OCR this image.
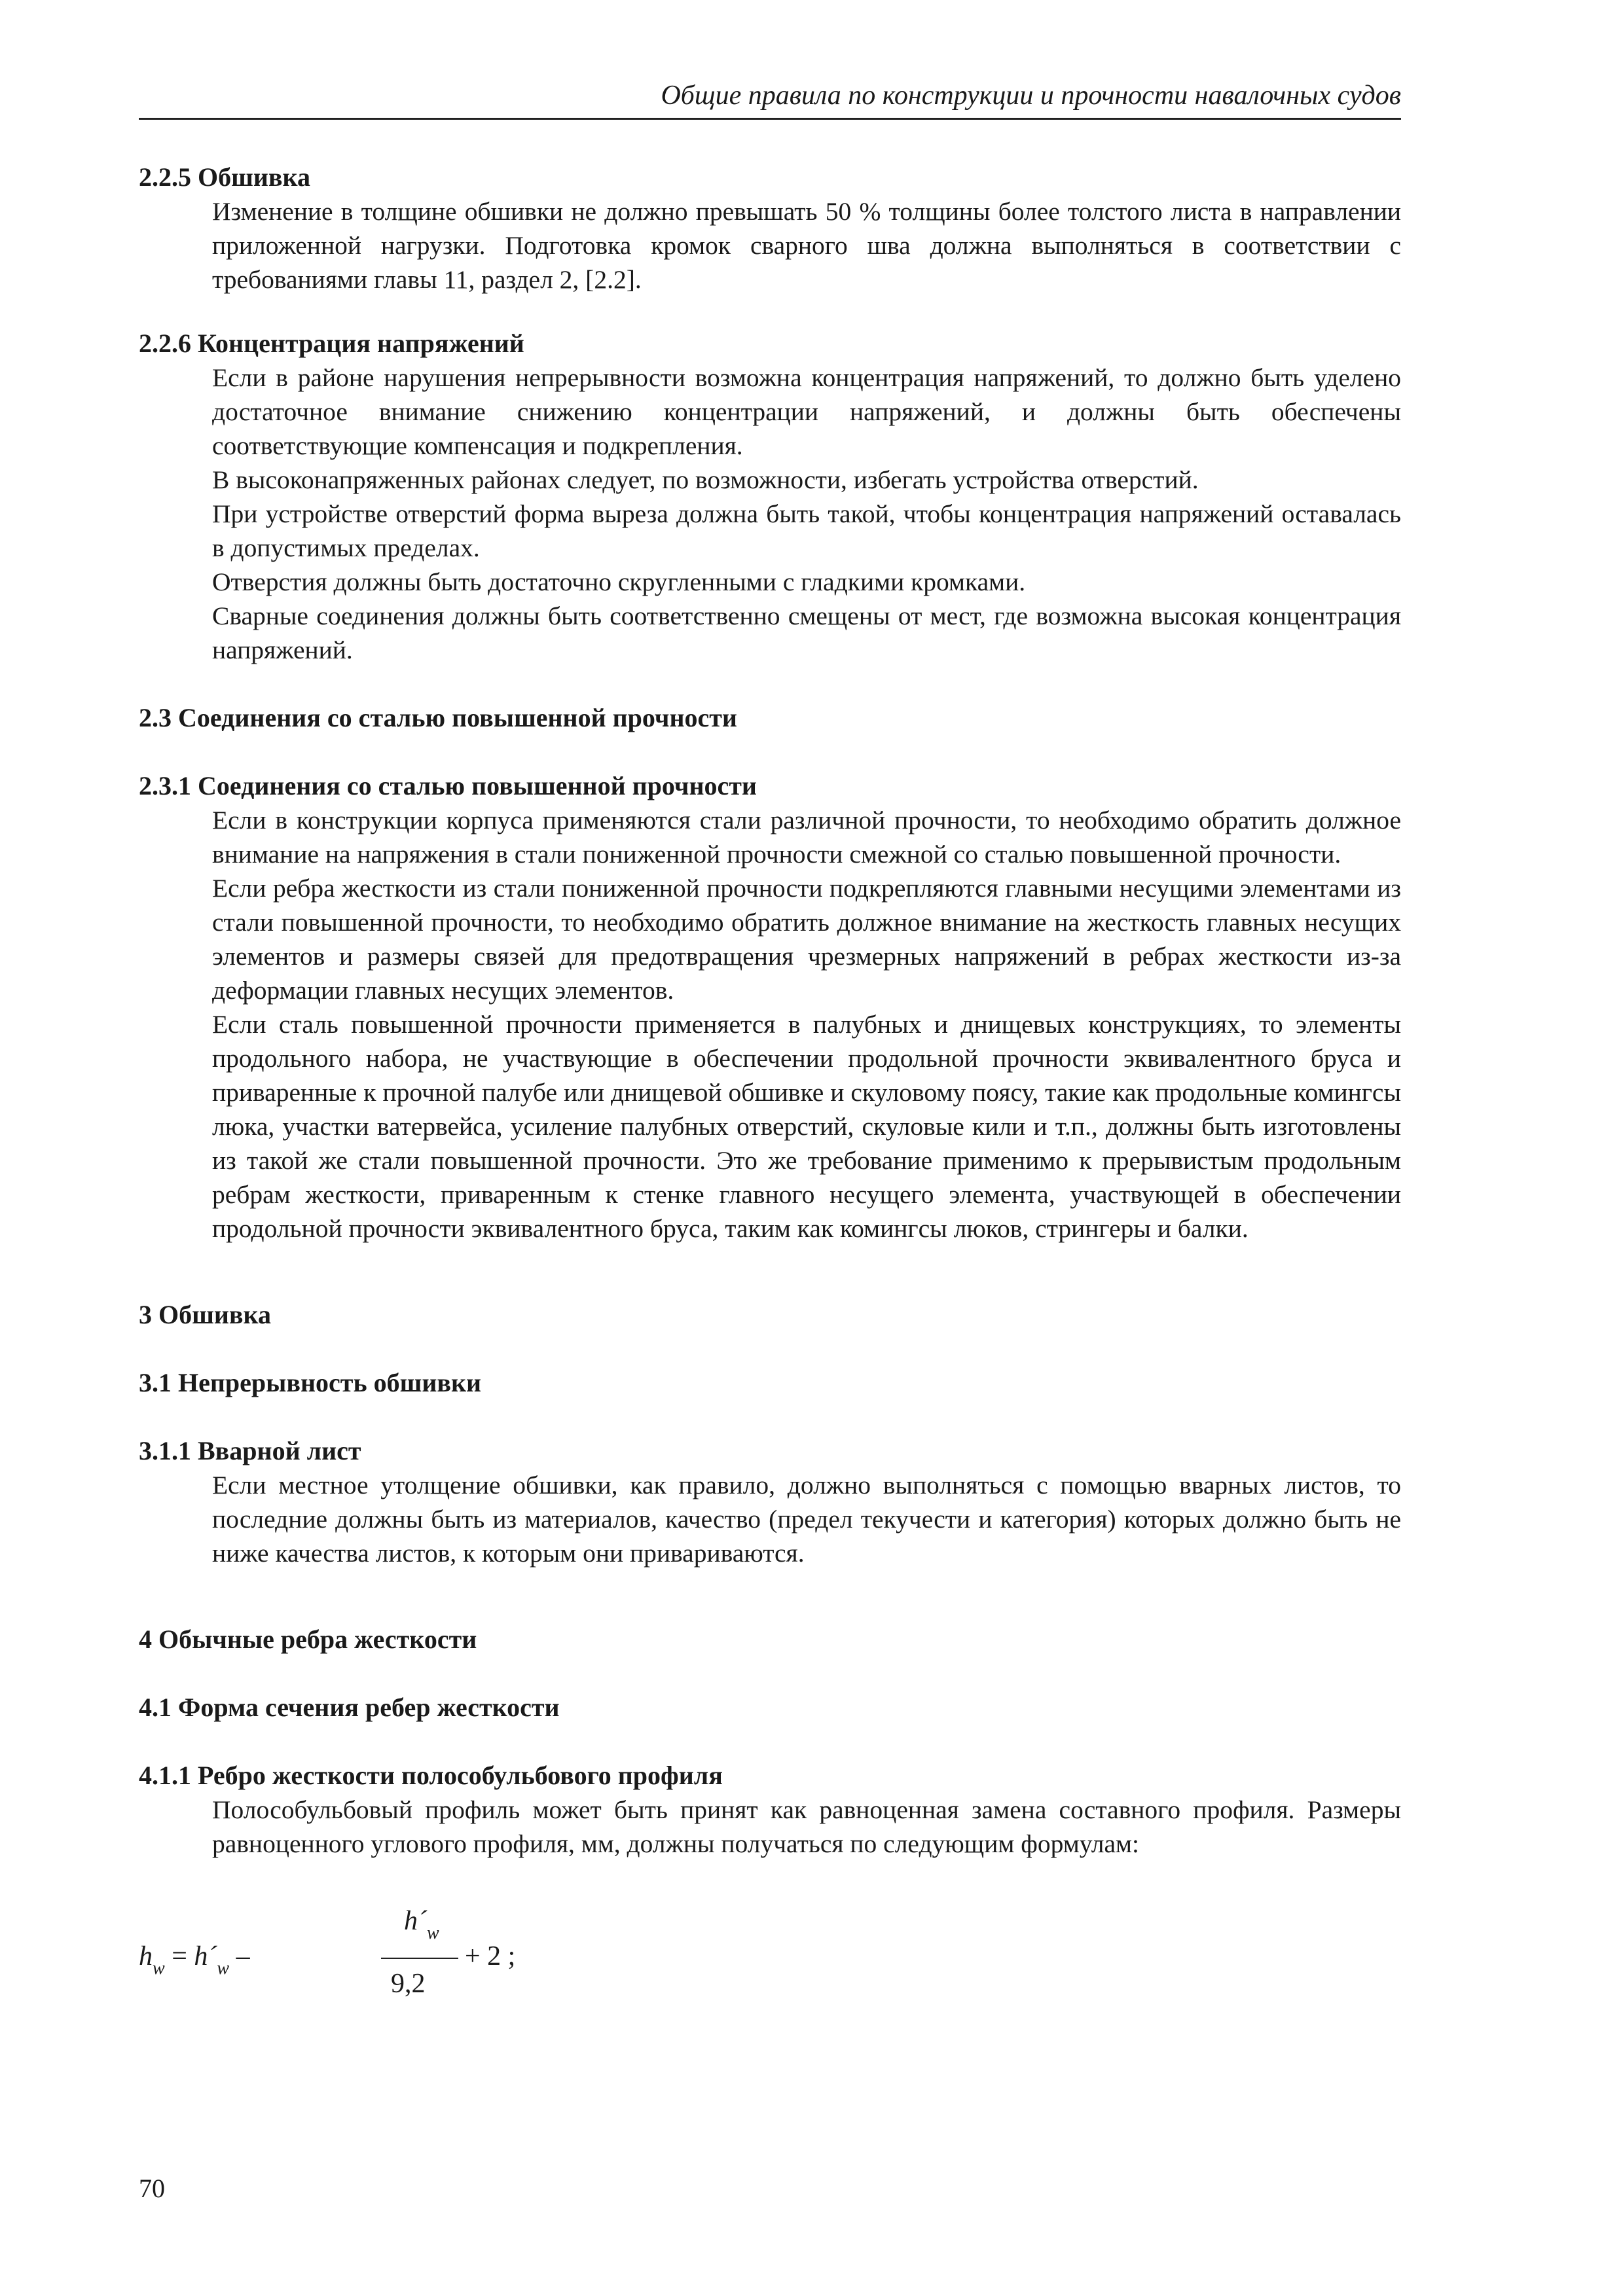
Общие правила по конструкции и прочности навалочных судов
2.2.5 Обшивка

Изменение в толщине обшивки не должно превышать 50 % толщины более толстого листа в направлении приложенной нагрузки. Подготовка кромок сварного шва должна выполняться в соответствии с требованиями главы 11, раздел 2, [2.2].

2.2.6 Концентрация напряжений

Если в районе нарушения непрерывности возможна концентрация напряжений, то должно быть уделено достаточное внимание снижению концентрации напряжений, и должны быть обеспечены соответствующие компенсация и подкрепления.

В высоконапряженных районах следует, по возможности, избегать устройства отверстий.

При устройстве отверстий форма выреза должна быть такой, чтобы концентрация напряжений оставалась в допустимых пределах.

Отверстия должны быть достаточно скругленными с гладкими кромками.

Сварные соединения должны быть соответственно смещены от мест, где возможна высокая концентрация напряжений.

2.3 Соединения со сталью повышенной прочности
2.3.1 Соединения со сталью повышенной прочности

Если в конструкции корпуса применяются стали различной прочности, то необходимо обратить должное внимание на напряжения в стали пониженной прочности смежной со сталью повышенной прочности.

Если ребра жесткости из стали пониженной прочности подкрепляются главными несущими элементами из стали повышенной прочности, то необходимо обратить должное внимание на жесткость главных несущих элементов и размеры связей для предотвращения чрезмерных напряжений в ребрах жесткости из-за деформации главных несущих элементов.

Если сталь повышенной прочности применяется в палубных и днищевых конструкциях, то элементы продольного набора, не участвующие в обеспечении продольной прочности эквивалентного бруса и приваренные к прочной палубе или днищевой обшивке и скуловому поясу, такие как продольные комингсы люка, участки ватервейса, усиление палубных отверстий, скуловые кили и т.п., должны быть изготовлены из такой же стали повышенной прочности. Это же требование применимо к прерывистым продольным ребрам жесткости, приваренным к стенке главного несущего элемента, участвующей в обеспечении продольной прочности эквивалентного бруса, таким как комингсы люков, стрингеры и балки.

3 Обшивка
3.1 Непрерывность обшивки
3.1.1 Вварной лист

Если местное утолщение обшивки, как правило, должно выполняться с помощью вварных листов, то последние должны быть из материалов, качество (предел текучести и категория) которых должно быть не ниже качества листов, к которым они привариваются.

4 Обычные ребра жесткости
4.1 Форма сечения ребер жесткости
4.1.1 Ребро жесткости полособульбового профиля

Полособульбовый профиль может быть принят как равноценная замена составного профиля. Размеры равноценного углового профиля, мм, должны получаться по следующим формулам:

$h_w$ = $h´_w$ –
$h´_w$
9,2
+ 2 ;
70
